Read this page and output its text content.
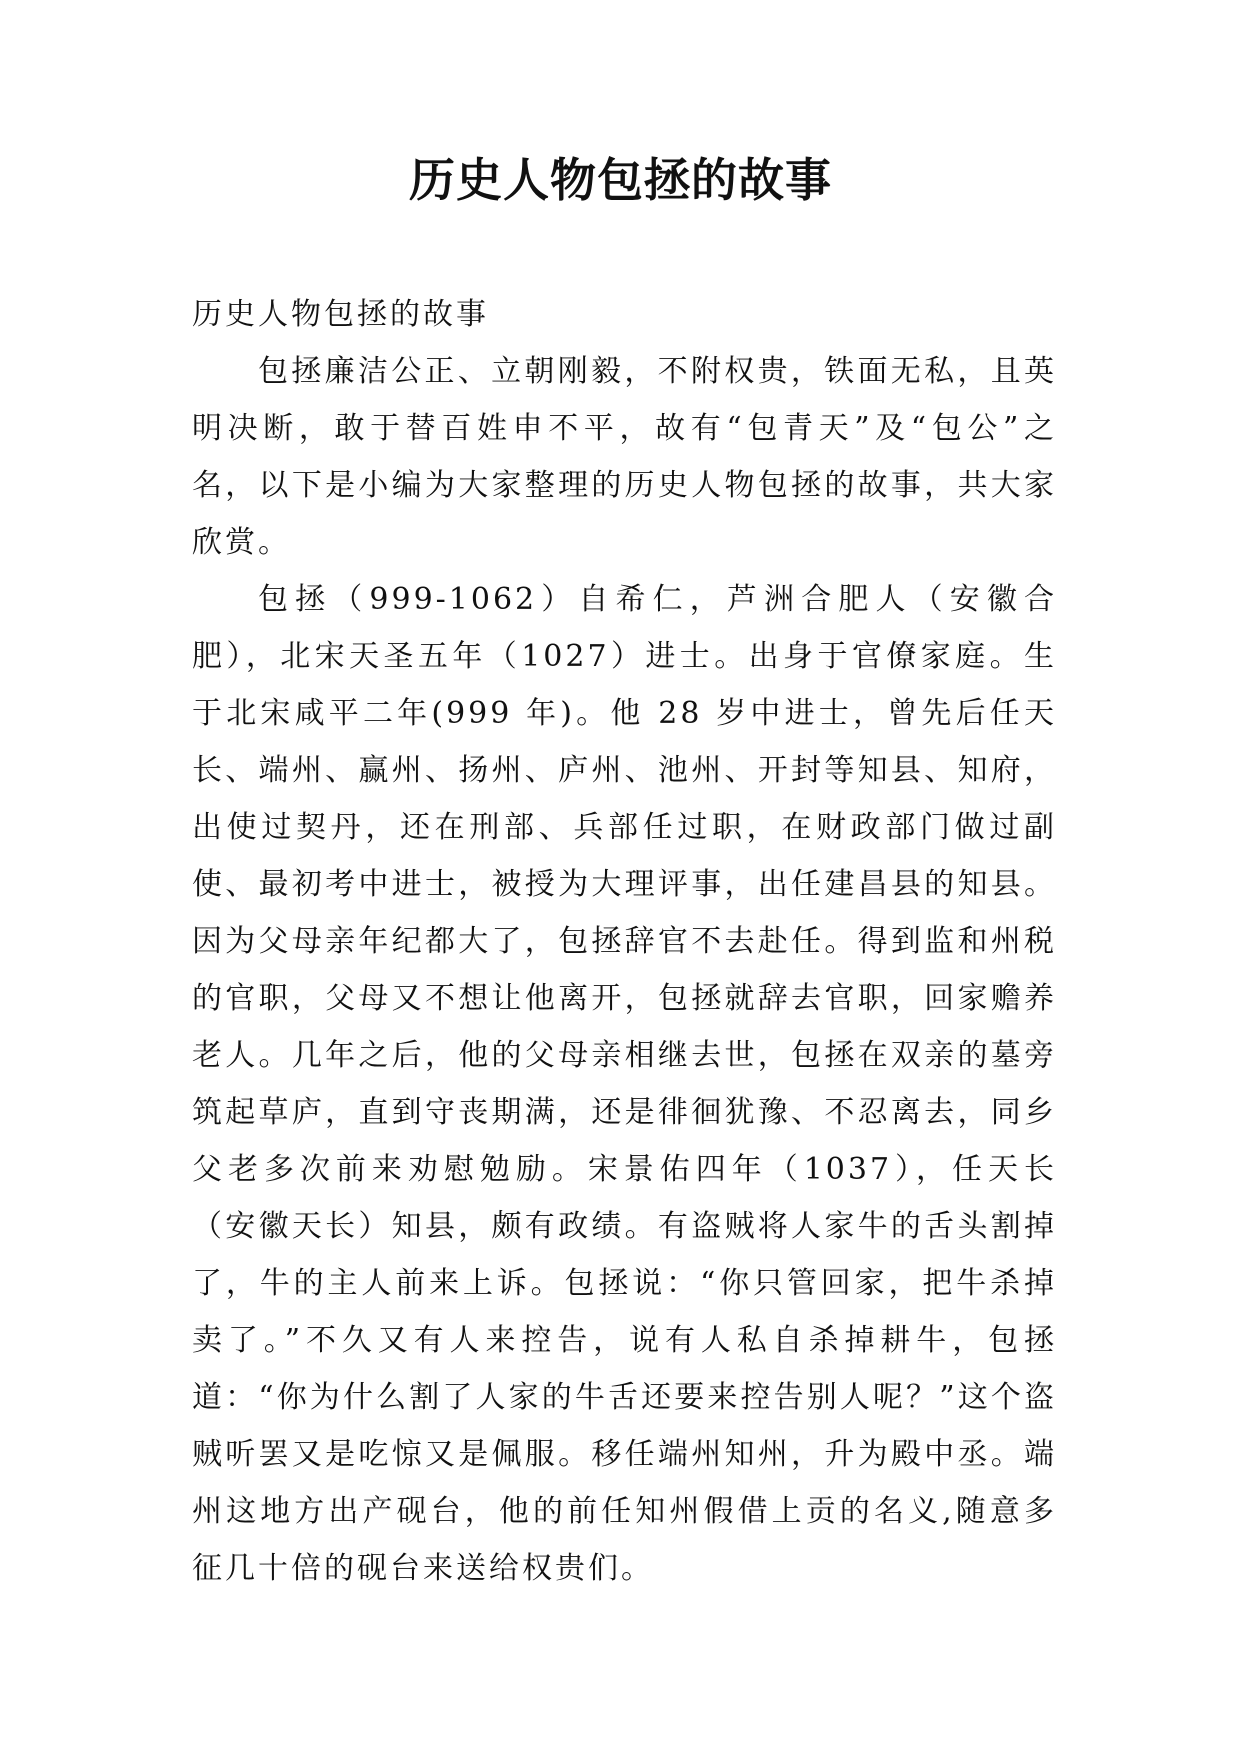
历史人物包拯的故事

历史人物包拯的故事

包拯廉洁公正、立朝刚毅，不附权贵，铁面无私，且英明决断，敢于替百姓申不平，故有“包青天”及“包公”之名，以下是小编为大家整理的历史人物包拯的故事，共大家欣赏。

包拯（999-1062）自希仁，芦洲合肥人（安徽合肥），北宋天圣五年（1027）进士。出身于官僚家庭。生于北宋咸平二年(999 年)。他 28 岁中进士，曾先后任天长、端州、赢州、扬州、庐州、池州、开封等知县、知府，出使过契丹，还在刑部、兵部任过职，在财政部门做过副使、最初考中进士，被授为大理评事，出任建昌县的知县。因为父母亲年纪都大了，包拯辞官不去赴任。得到监和州税的官职，父母又不想让他离开，包拯就辞去官职，回家赡养老人。几年之后，他的父母亲相继去世，包拯在双亲的墓旁筑起草庐，直到守丧期满，还是徘徊犹豫、不忍离去，同乡父老多次前来劝慰勉励。宋景佑四年（1037），任天长（安徽天长）知县，颇有政绩。有盗贼将人家牛的舌头割掉了，牛的主人前来上诉。包拯说：“你只管回家，把牛杀掉卖了。”不久又有人来控告，说有人私自杀掉耕牛，包拯道：“你为什么割了人家的牛舌还要来控告别人呢？”这个盗贼听罢又是吃惊又是佩服。移任端州知州，升为殿中丞。端州这地方出产砚台，他的前任知州假借上贡的名义,随意多征几十倍的砚台来送给权贵们。
